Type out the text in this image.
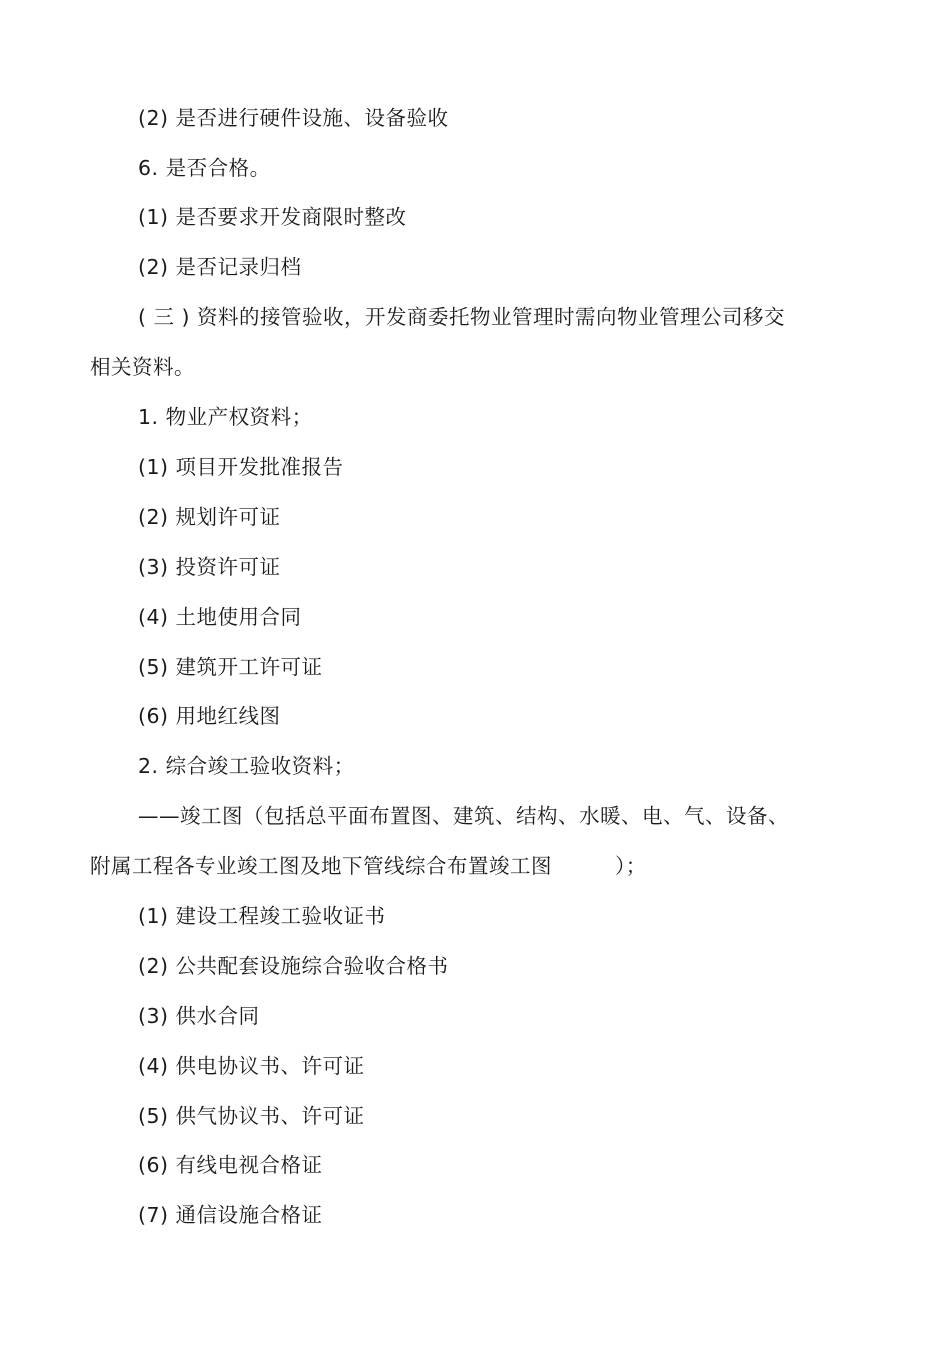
(2) 是否进行硬件设施、设备验收
6. 是否合格。
(1) 是否要求开发商限时整改
(2) 是否记录归档
( 三 ) 资料的接管验收，开发商委托物业管理时需向物业管理公司移交
相关资料。
1. 物业产权资料；
(1) 项目开发批准报告
(2) 规划许可证
(3) 投资许可证
(4) 土地使用合同
(5) 建筑开工许可证
(6) 用地红线图
2. 综合竣工验收资料；
——竣工图（包括总平面布置图、建筑、结构、水暖、电、气、设备、
附属工程各专业竣工图及地下管线综合布置竣工图	）；
(1) 建设工程竣工验收证书
(2) 公共配套设施综合验收合格书
(3) 供水合同
(4) 供电协议书、许可证
(5) 供气协议书、许可证
(6) 有线电视合格证
(7) 通信设施合格证
